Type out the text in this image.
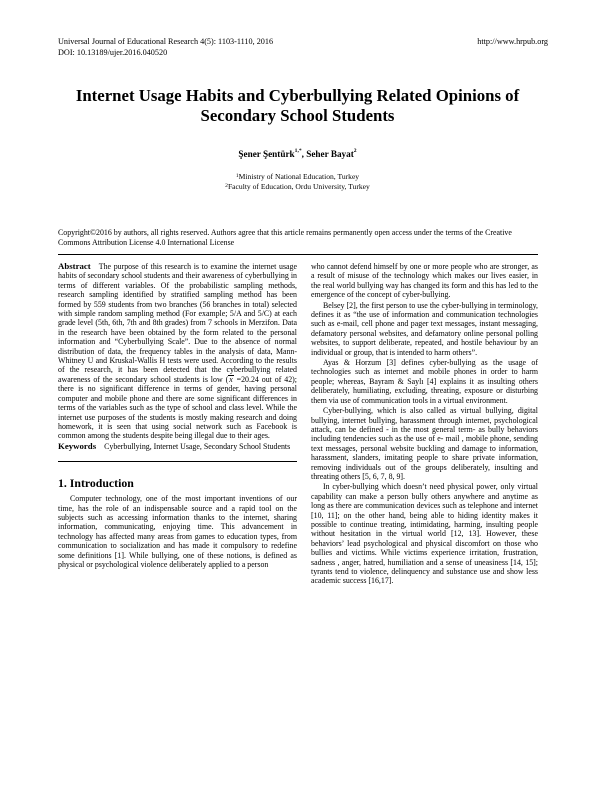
Universal Journal of Educational Research 4(5): 1103-1110, 2016
DOI: 10.13189/ujer.2016.040520
http://www.hrpub.org
Internet Usage Habits and Cyberbullying Related Opinions of Secondary School Students
Şener Şentürk$^{1,*}$, Seher Bayat$^2$
$^1$Ministry of National Education, Turkey
$^2$Faculty of Education, Ordu University, Turkey
Copyright©2016 by authors, all rights reserved. Authors agree that this article remains permanently open access under the terms of the Creative Commons Attribution License 4.0 International License

Abstract The purpose of this research is to examine the internet usage habits of secondary school students and their awareness of cyberbullying in terms of different variables. Of the probabilistic sampling methods, research sampling identified by stratified sampling method has been formed by 559 students from two branches (56 branches in total) selected with simple random sampling method (For example; 5/A and 5/C) at each grade level (5th, 6th, 7th and 8th grades) from 7 schools in Merzifon. Data in the research have been obtained by the form related to the personal information and “Cyberbullying Scale”. Due to the absence of normal distribution of data, the frequency tables in the analysis of data, Mann-Whitney U and Kruskal-Wallis H tests were used. According to the results of the research, it has been detected that the cyberbullying related awareness of the secondary school students is low (x =20.24 out of 42); there is no significant difference in terms of gender, having personal computer and mobile phone and there are some significant differences in terms of the variables such as the type of school and class level. While the internet use purposes of the students is mostly making research and doing homework, it is seen that using social network such as Facebook is common among the students despite being illegal due to their ages.

Keywords Cyberbullying, Internet Usage, Secondary School Students

1. Introduction

Computer technology, one of the most important inventions of our time, has the role of an indispensable source and a rapid tool on the subjects such as accessing information thanks to the internet, sharing information, communicating, enjoying time. This advancement in technology has affected many areas from games to education types, from communication to socialization and has made it compulsory to redefine some definitions [1]. While bullying, one of these notions, is defined as physical or psychological violence deliberately applied to a person

who cannot defend himself by one or more people who are stronger, as a result of misuse of the technology which makes our lives easier, in the real world bullying way has changed its form and this has led to the emergence of the concept of cyber-bullying.

Belsey [2], the first person to use the cyber-bullying in terminology, defines it as “the use of information and communication technologies such as e-mail, cell phone and pager text messages, instant messaging, defamatory personal websites, and defamatory online personal polling websites, to support deliberate, repeated, and hostile behaviour by an individual or group, that is intended to harm others”.

Ayas & Horzum [3] defines cyber-bullying as the usage of technologies such as internet and mobile phones in order to harm people; whereas, Bayram & Saylı [4] explains it as insulting others deliberately, humiliating, excluding, threating, exposure or disturbing them via use of communication tools in a virtual environment.

Cyber-bullying, which is also called as virtual bullying, digital bullying, internet bullying, harassment through internet, psychological attack, can be defined - in the most general term- as bully behaviors including tendencies such as the use of e- mail , mobile phone, sending text messages, personal website buckling and damage to information, harassment, slanders, imitating people to share private information, removing individuals out of the groups deliberately, insulting and threating others [5, 6, 7, 8, 9].

In cyber-bullying which doesn’t need physical power, only virtual capability can make a person bully others anywhere and anytime as long as there are communication devices such as telephone and internet [10, 11]; on the other hand, being able to hiding identity makes it possible to continue treating, intimidating, harming, insulting people without hesitation in the virtual world [12, 13]. However, these behaviors’ lead psychological and physical discomfort on those who bullies and victims. While victims experience irritation, frustration, sadness , anger, hatred, humiliation and a sense of uneasiness [14, 15]; tyrants tend to violence, delinquency and substance use and show less academic success [16,17].
